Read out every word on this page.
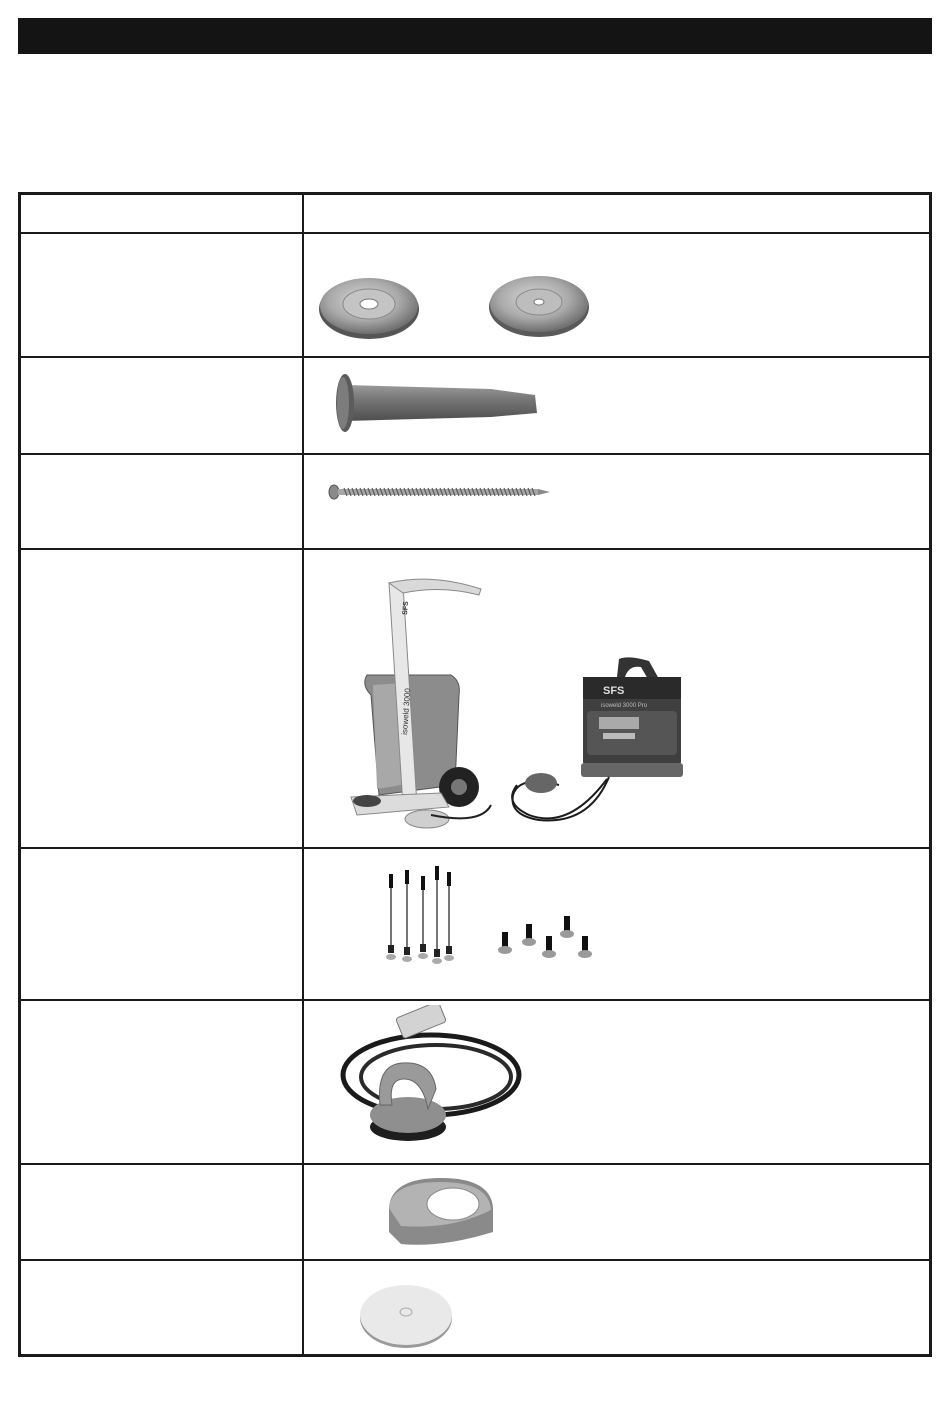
isoweld 3000
SFS
SFS
isoweld 3000 Pro
